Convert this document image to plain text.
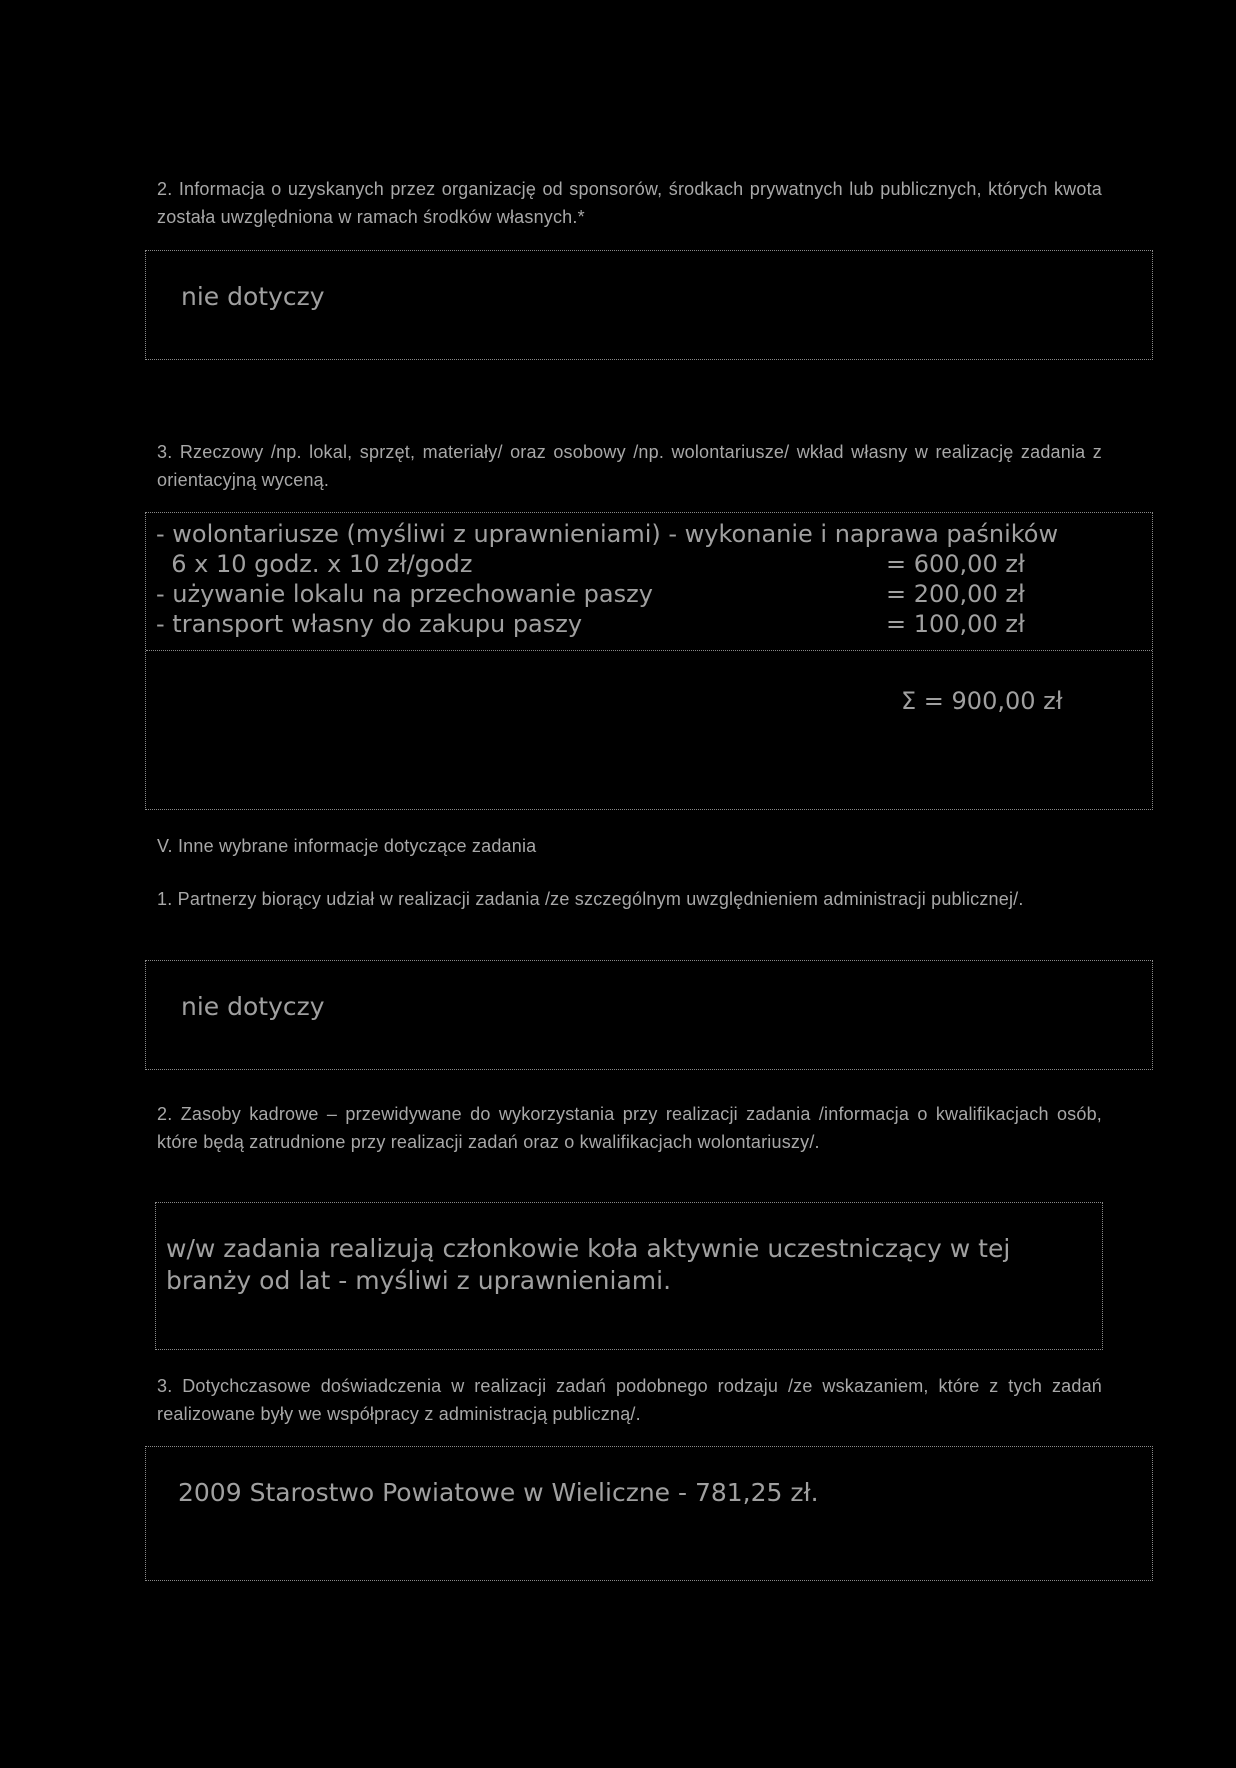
2. Informacja o uzyskanych przez organizację od sponsorów, środkach prywatnych lub publicznych, których kwota została uwzględniona w ramach środków własnych.*
nie dotyczy
3. Rzeczowy /np. lokal, sprzęt, materiały/ oraz osobowy /np. wolontariusze/ wkład własny w realizację zadania z orientacyjną wyceną.
- wolontariusze (myśliwi z uprawnieniami) - wykonanie i naprawa paśników
6 x 10 godz. x 10 zł/godz	= 600,00 zł
- używanie lokalu na przechowanie paszy	= 200,00 zł
- transport własny do zakupu paszy	= 100,00 zł
Σ = 900,00 zł
V. Inne wybrane informacje dotyczące zadania
1. Partnerzy biorący udział w realizacji zadania /ze szczególnym uwzględnieniem administracji publicznej/.
nie dotyczy
2. Zasoby kadrowe – przewidywane do wykorzystania przy realizacji zadania /informacja o kwalifikacjach osób, które będą zatrudnione przy realizacji zadań oraz o kwalifikacjach wolontariuszy/.
w/w zadania realizują członkowie koła aktywnie uczestniczący w tej
branży od lat - myśliwi z uprawnieniami.
3. Dotychczasowe doświadczenia w realizacji zadań podobnego rodzaju /ze wskazaniem, które z tych zadań realizowane były we współpracy z administracją publiczną/.
2009 Starostwo Powiatowe w Wieliczne - 781,25 zł.
